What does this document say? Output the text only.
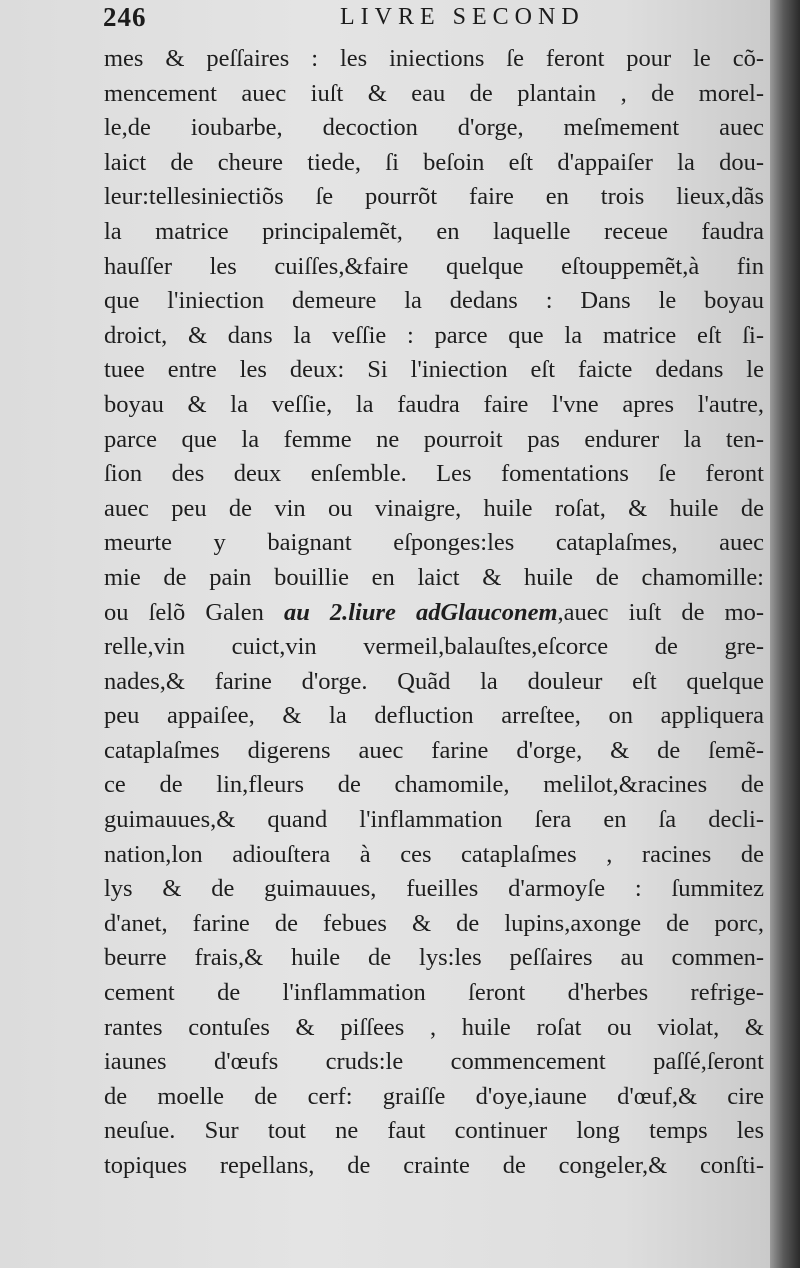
246	LIVRE SECOND
mes & peſſaires : les iniections ſe feront pour le cõ-
mencement auec iuſt & eau de plantain , de morel-
le,de ioubarbe, decoction d'orge, meſmement auec
laict de cheure tiede, ſi beſoin eſt d'appaiſer la dou-
leur:tellesiniectiõs ſe pourrõt faire en trois lieux,dãs
la matrice principalemẽt, en laquelle receue faudra
hauſſer les cuiſſes,&faire quelque eſtouppemẽt,à fin
que l'iniection demeure la dedans : Dans le boyau
droict, & dans la veſſie : parce que la matrice eſt ſi-
tuee entre les deux: Si l'iniection eſt faicte dedans le
boyau & la veſſie, la faudra faire l'vne apres l'autre,
parce que la femme ne pourroit pas endurer la ten-
ſion des deux enſemble. Les fomentations ſe feront
auec peu de vin ou vinaigre, huile roſat, & huile de
meurte y baignant eſponges:les cataplaſmes, auec
mie de pain bouillie en laict & huile de chamomille:
ou ſelõ Galen au 2.liure adGlauconem,auec iuſt de mo-
relle,vin cuict,vin vermeil,balauſtes,eſcorce de gre-
nades,& farine d'orge. Quãd la douleur eſt quelque
peu appaiſee, & la defluction arreſtee, on appliquera
cataplaſmes digerens auec farine d'orge, & de ſemẽ-
ce de lin,fleurs de chamomile, melilot,&racines de
guimauues,& quand l'inflammation ſera en ſa decli-
nation,lon adiouſtera à ces cataplaſmes , racines de
lys & de guimauues, fueilles d'armoyſe : ſummitez
d'anet, farine de febues & de lupins,axonge de porc,
beurre frais,& huile de lys:les peſſaires au commen-
cement de l'inflammation ſeront d'herbes refrige-
rantes contuſes & piſſees , huile roſat ou violat, &
iaunes d'œufs cruds:le commencement paſſé,ſeront
de moelle de cerf: graiſſe d'oye,iaune d'œuf,& cire
neuſue. Sur tout ne faut continuer long temps les
topiques repellans, de crainte de congeler,& conſti-
